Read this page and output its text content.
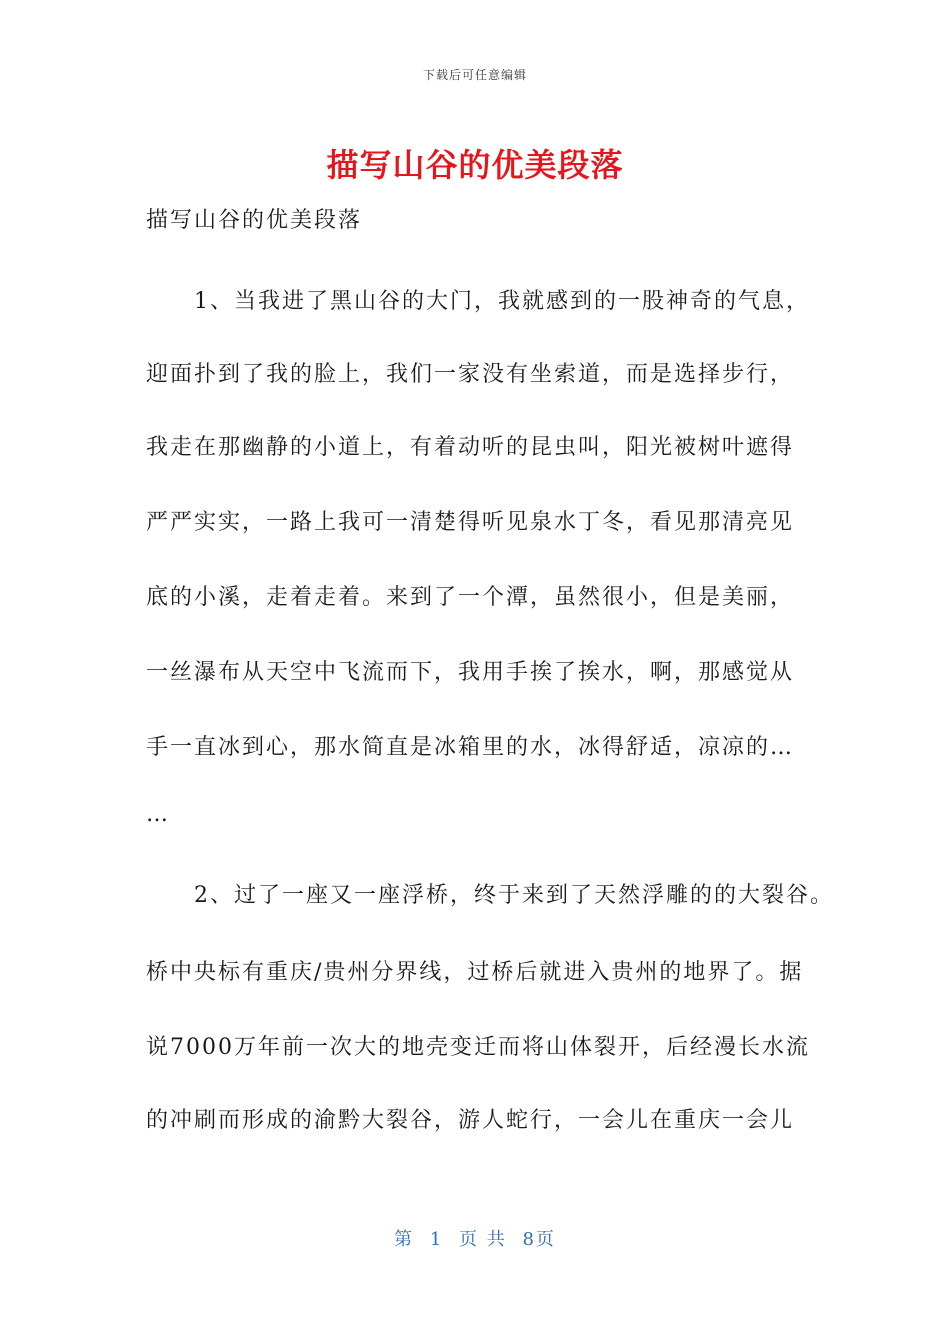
下载后可任意编辑
描写山谷的优美段落
描写山谷的优美段落
　　1、当我进了黑山谷的大门，我就感到的一股神奇的气息，
迎面扑到了我的脸上，我们一家没有坐索道，而是选择步行，
我走在那幽静的小道上，有着动听的昆虫叫，阳光被树叶遮得
严严实实，一路上我可一清楚得听见泉水丁冬，看见那清亮见
底的小溪，走着走着。来到了一个潭，虽然很小，但是美丽，
一丝瀑布从天空中飞流而下，我用手挨了挨水，啊，那感觉从
手一直冰到心，那水简直是冰箱里的水，冰得舒适，凉凉的…
…
　　2、过了一座又一座浮桥，终于来到了天然浮雕的的大裂谷。
桥中央标有重庆/贵州分界线，过桥后就进入贵州的地界了。据
说7000万年前一次大的地壳变迁而将山体裂开，后经漫长水流
的冲刷而形成的渝黔大裂谷，游人蛇行，一会儿在重庆一会儿
第 1 页 共 8页
